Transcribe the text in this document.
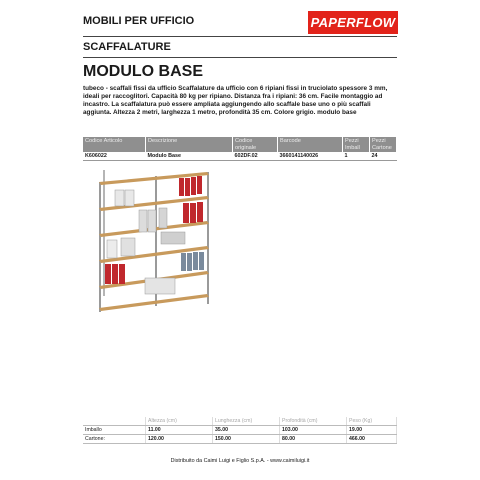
MOBILI PER UFFICIO	PAPERFLOW
SCAFFALATURE
MODULO BASE
tubeco - scaffali fissi da ufficio Scaffalature da ufficio con 6 ripiani fissi in truciolato spessore 3 mm, ideali per raccoglitori. Capacità 80 kg per ripiano. Distanza fra i ripiani: 36 cm. Facile montaggio ad incastro. La scaffalatura può essere ampliata aggiungendo allo scaffale base uno o più scaffali aggiunta. Altezza 2 metri, larghezza 1 metro, profondità 35 cm. Colore grigio. modulo base
Codice Articolo	Descrizione	Codice originale	Barcode	Pezzi Imball	Pezzi Cartone
K606022	Modulo Base	602DF.02	3660141140026	1	24
	Altezza (cm)	Lunghezza (cm)	Profondità (cm)	Peso (Kg)
Imballo	11.00	35.00	103.00	19.00
Cartone:	120.00	150.00	80.00	466.00
Distribuito da Caimi Luigi e Figlio S.p.A. - www.caimiluigi.it
